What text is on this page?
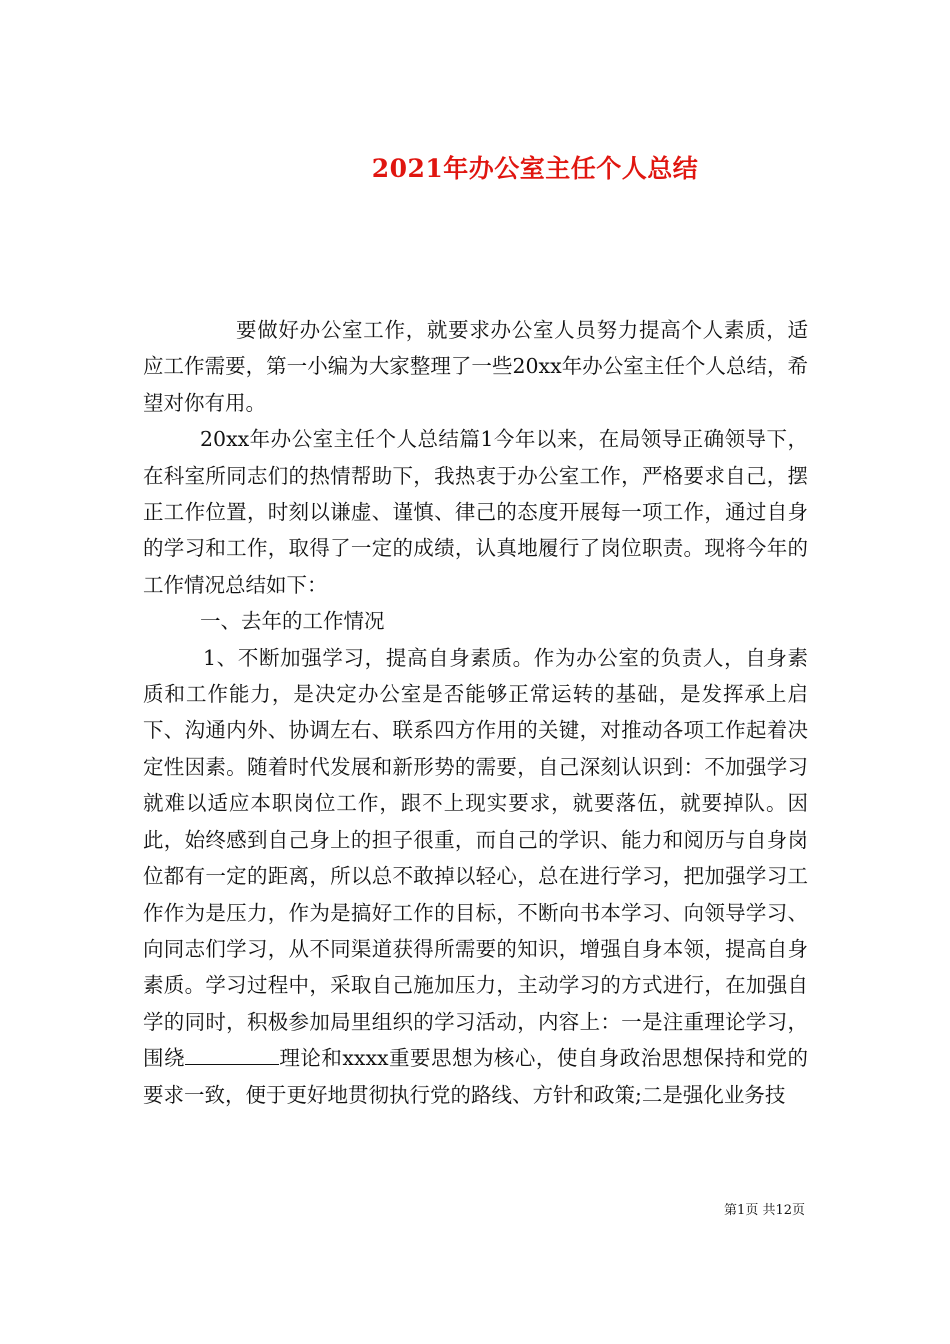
2021年办公室主任个人总结

要做好办公室工作，就要求办公室人员努力提高个人素质，适应工作需要，第一小编为大家整理了一些20xx年办公室主任个人总结，希望对你有用。

20xx年办公室主任个人总结篇1今年以来，在局领导正确领导下，在科室所同志们的热情帮助下，我热衷于办公室工作，严格要求自己，摆正工作位置，时刻以谦虚、谨慎、律己的态度开展每一项工作，通过自身的学习和工作，取得了一定的成绩，认真地履行了岗位职责。现将今年的工作情况总结如下：

一、去年的工作情况

1、不断加强学习，提高自身素质。作为办公室的负责人，自身素质和工作能力，是决定办公室是否能够正常运转的基础，是发挥承上启下、沟通内外、协调左右、联系四方作用的关键，对推动各项工作起着决定性因素。随着时代发展和新形势的需要，自己深刻认识到：不加强学习就难以适应本职岗位工作，跟不上现实要求，就要落伍，就要掉队。因此，始终感到自己身上的担子很重，而自己的学识、能力和阅历与自身岗位都有一定的距离，所以总不敢掉以轻心，总在进行学习，把加强学习工作作为是压力，作为是搞好工作的目标，不断向书本学习、向领导学习、向同志们学习，从不同渠道获得所需要的知识，增强自身本领，提高自身素质。学习过程中，采取自己施加压力，主动学习的方式进行，在加强自学的同时，积极参加局里组织的学习活动，内容上：一是注重理论学习，围绕	理论和xxxx重要思想为核心，使自身政治思想保持和党的要求一致，便于更好地贯彻执行党的路线、方针和政策;二是强化业务技

第1页 共12页
